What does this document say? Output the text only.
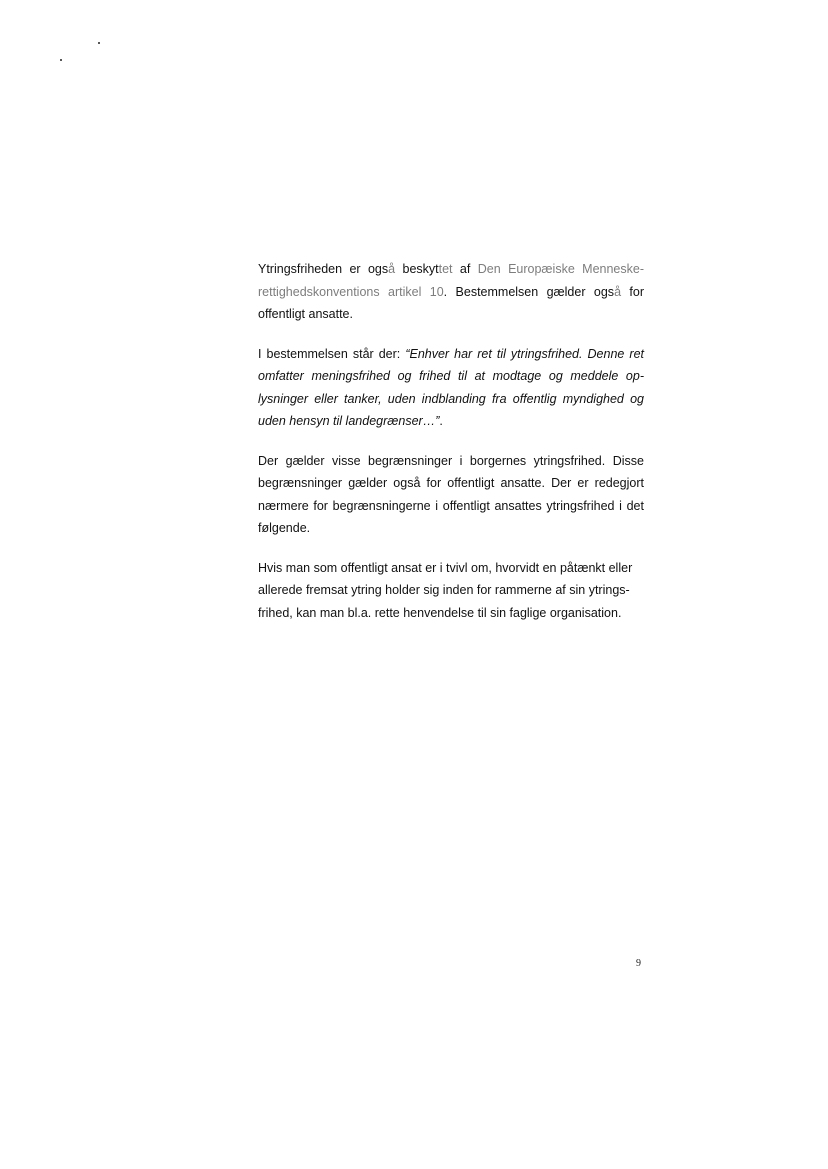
Ytringsfriheden er også beskyttet af Den Europæiske Menneske-rettighedskonventions artikel 10. Bestemmelsen gælder også for offentligt ansatte.

I bestemmelsen står der: “Enhver har ret til ytringsfrihed. Denne ret omfatter meningsfrihed og frihed til at modtage og meddele op-lysninger eller tanker, uden indblanding fra offentlig myndighed og uden hensyn til landegrænser…”.

Der gælder visse begrænsninger i borgernes ytringsfrihed. Disse begrænsninger gælder også for offentligt ansatte. Der er redegjort nærmere for begrænsningerne i offentligt ansattes ytringsfrihed i det følgende.

Hvis man som offentligt ansat er i tvivl om, hvorvidt en påtænkt eller allerede fremsat ytring holder sig inden for rammerne af sin ytrings-frihed, kan man bl.a. rette henvendelse til sin faglige organisation.

9
